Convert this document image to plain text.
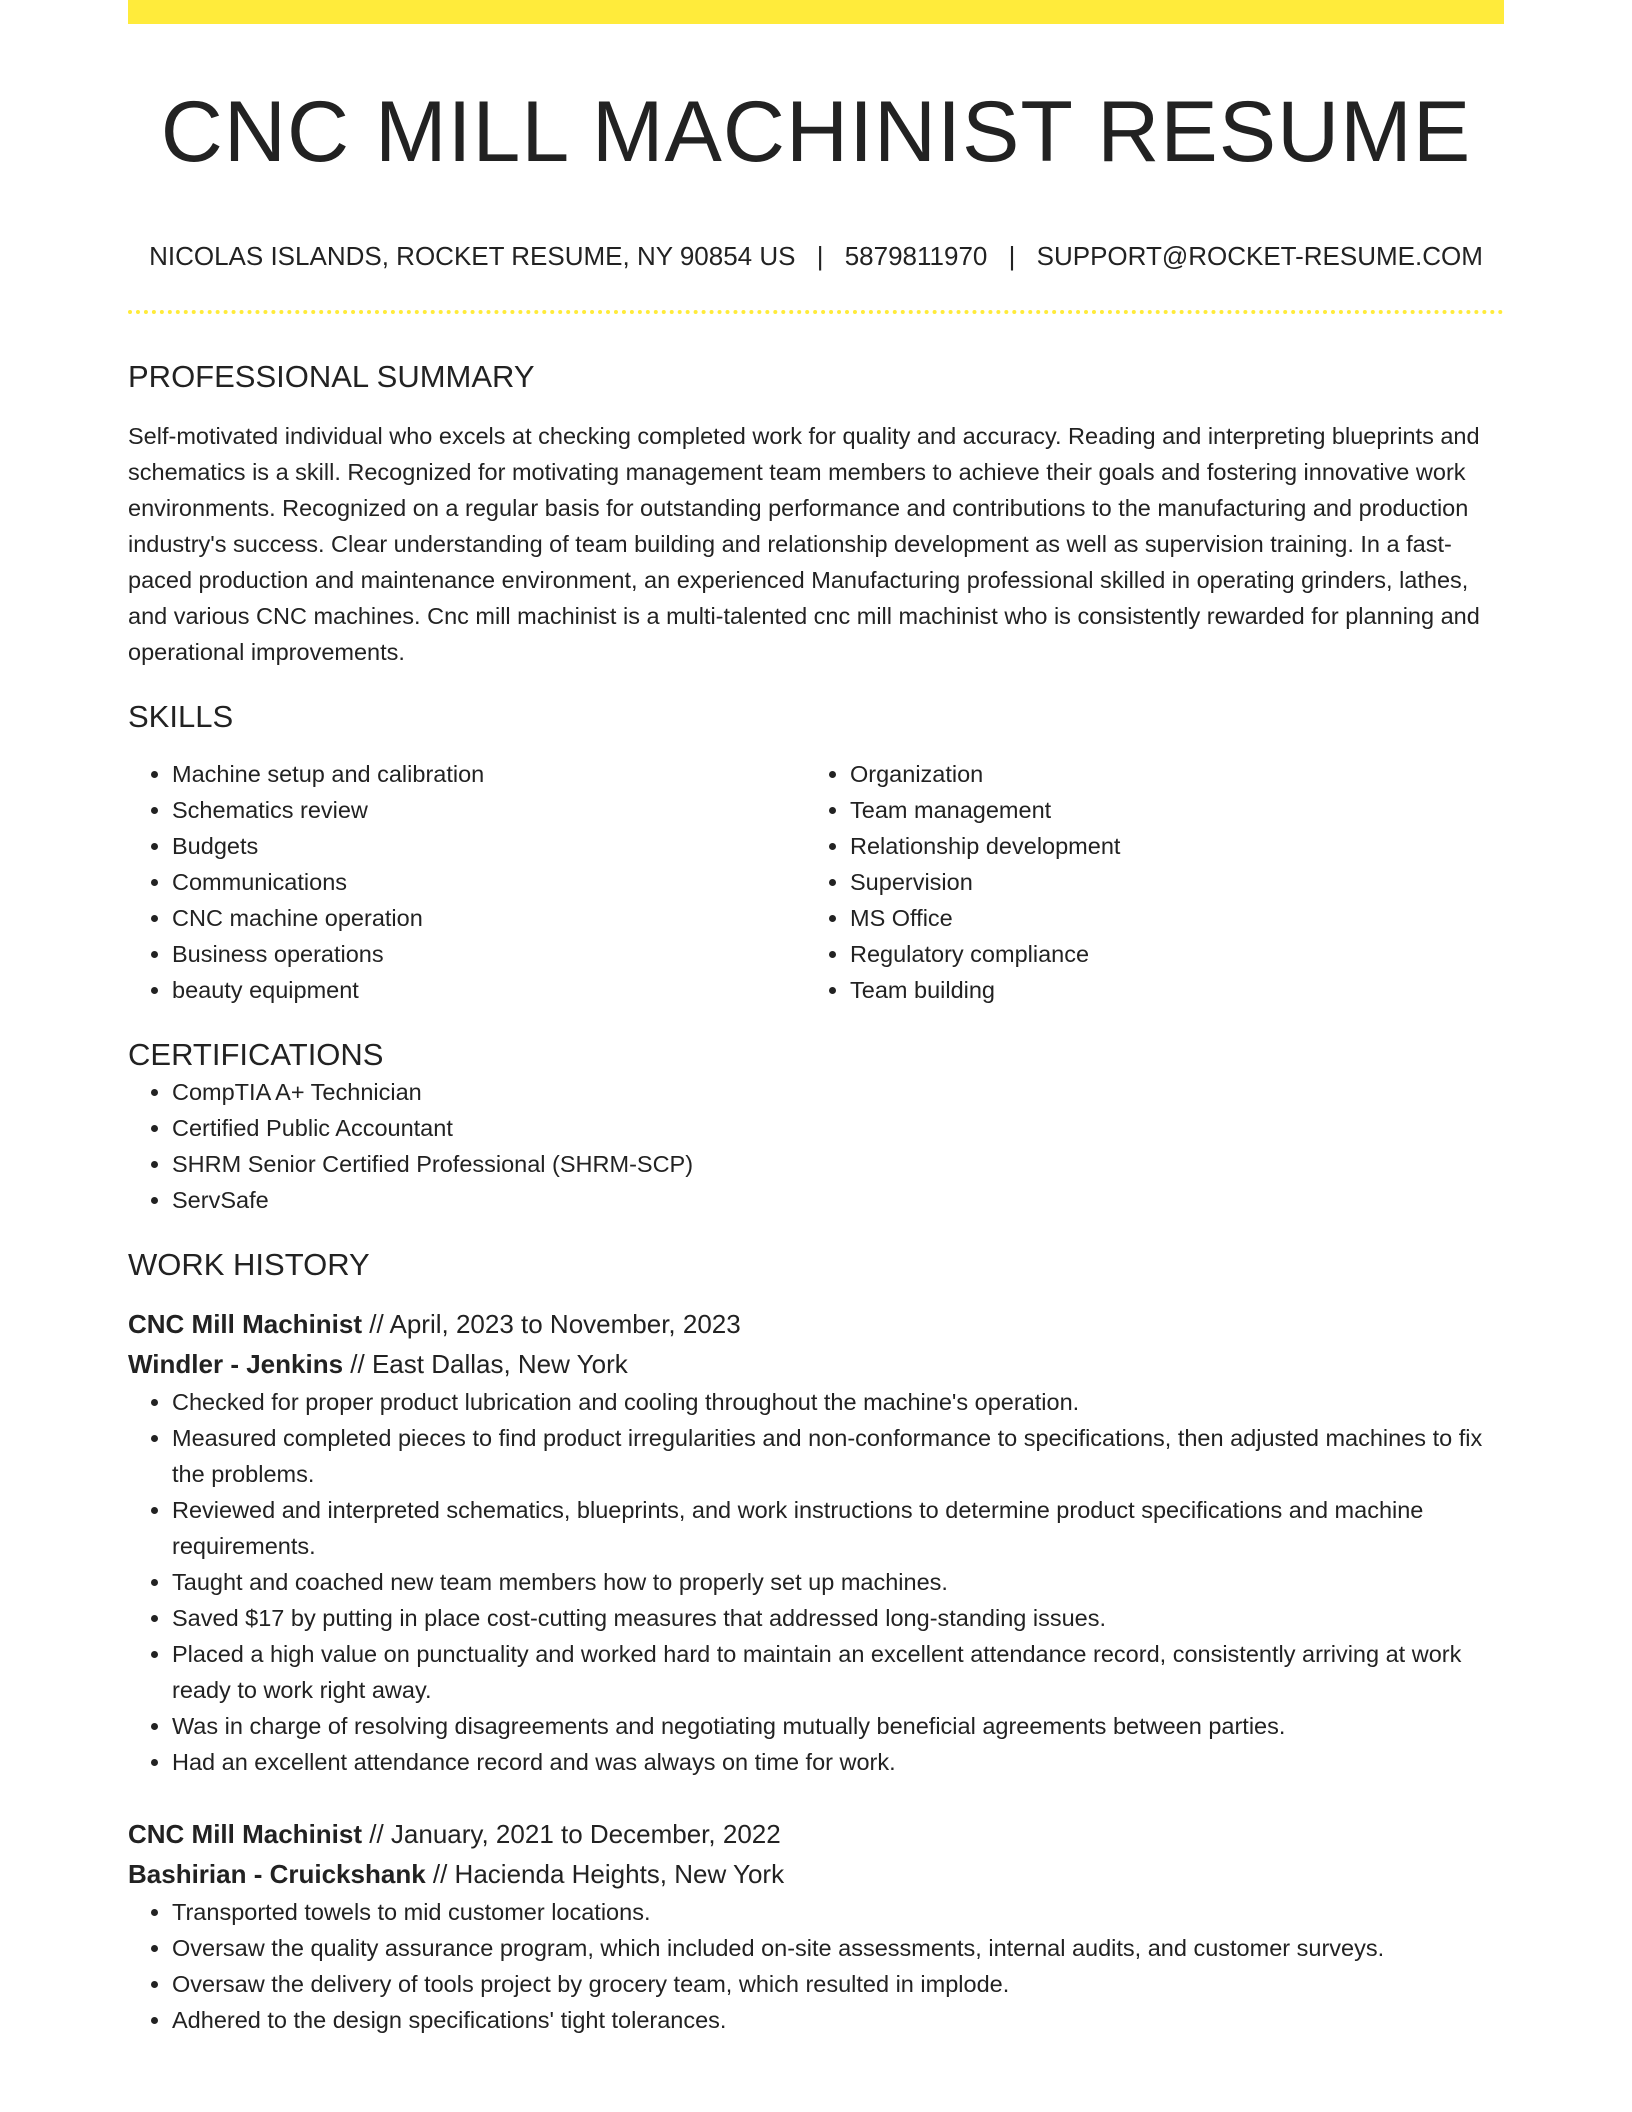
CNC MILL MACHINIST RESUME
NICOLAS ISLANDS, ROCKET RESUME, NY 90854 US | 5879811970 | SUPPORT@ROCKET-RESUME.COM
PROFESSIONAL SUMMARY

Self-motivated individual who excels at checking completed work for quality and accuracy. Reading and interpreting blueprints and schematics is a skill. Recognized for motivating management team members to achieve their goals and fostering innovative work environments. Recognized on a regular basis for outstanding performance and contributions to the manufacturing and production industry's success. Clear understanding of team building and relationship development as well as supervision training. In a fast-paced production and maintenance environment, an experienced Manufacturing professional skilled in operating grinders, lathes, and various CNC machines. Cnc mill machinist is a multi-talented cnc mill machinist who is consistently rewarded for planning and operational improvements.

SKILLS
• Machine setup and calibration
• Schematics review
• Budgets
• Communications
• CNC machine operation
• Business operations
• beauty equipment
• Organization
• Team management
• Relationship development
• Supervision
• MS Office
• Regulatory compliance
• Team building
CERTIFICATIONS
• CompTIA A+ Technician
• Certified Public Accountant
• SHRM Senior Certified Professional (SHRM-SCP)
• ServSafe
WORK HISTORY
CNC Mill Machinist // April, 2023 to November, 2023
Windler - Jenkins // East Dallas, New York
• Checked for proper product lubrication and cooling throughout the machine's operation.
• Measured completed pieces to find product irregularities and non-conformance to specifications, then adjusted machines to fix the problems.
• Reviewed and interpreted schematics, blueprints, and work instructions to determine product specifications and machine requirements.
• Taught and coached new team members how to properly set up machines.
• Saved $17 by putting in place cost-cutting measures that addressed long-standing issues.
• Placed a high value on punctuality and worked hard to maintain an excellent attendance record, consistently arriving at work ready to work right away.
• Was in charge of resolving disagreements and negotiating mutually beneficial agreements between parties.
• Had an excellent attendance record and was always on time for work.
CNC Mill Machinist // January, 2021 to December, 2022
Bashirian - Cruickshank // Hacienda Heights, New York
• Transported towels to mid customer locations.
• Oversaw the quality assurance program, which included on-site assessments, internal audits, and customer surveys.
• Oversaw the delivery of tools project by grocery team, which resulted in implode.
• Adhered to the design specifications' tight tolerances.
